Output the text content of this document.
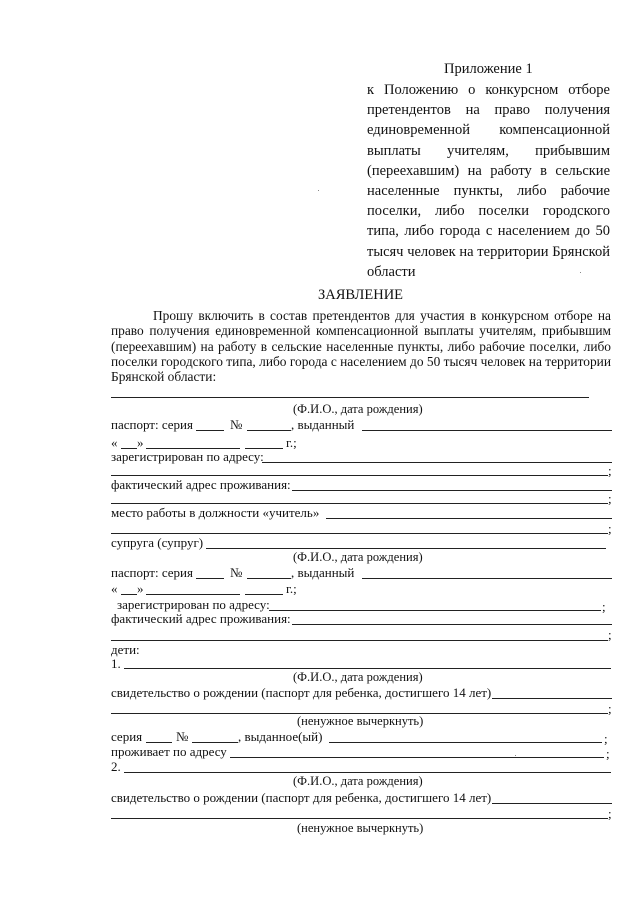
Приложение 1
к Положению о конкурсном отборе претендентов на право получения единовременной компенсационной выплаты учителям, прибывшим (переехавшим) на работу в сельские населенные пункты, либо рабочие поселки, либо поселки городского типа, либо города с населением до 50 тысяч человек на территории Брянской области
ЗАЯВЛЕНИЕ
Прошу включить в состав претендентов для участия в конкурсном отборе на право получения единовременной компенсационной выплаты учителям, прибывшим (переехавшим) на работу в сельские населенные пункты, либо рабочие поселки, либо поселки городского типа, либо города с населением до 50 тысяч человек на территории Брянской области:
(Ф.И.О., дата рождения)
паспорт: серия	№	, выданный
« »	г.;
зарегистрирован по адресу:
;
фактический адрес проживания:
;
место работы в должности «учитель»
;
супруга (супруг)
(Ф.И.О., дата рождения)
паспорт: серия	№	, выданный
« »	г.;
зарегистрирован по адресу:	;
фактический адрес проживания:
;
дети:
1.
(Ф.И.О., дата рождения)
свидетельство о рождении (паспорт для ребенка, достигшего 14 лет)
;
(ненужное вычеркнуть)
серия	№	, выданное(ый)	;
проживает по адресу	;
2.
(Ф.И.О., дата рождения)
свидетельство о рождении (паспорт для ребенка, достигшего 14 лет)
;
(ненужное вычеркнуть)
